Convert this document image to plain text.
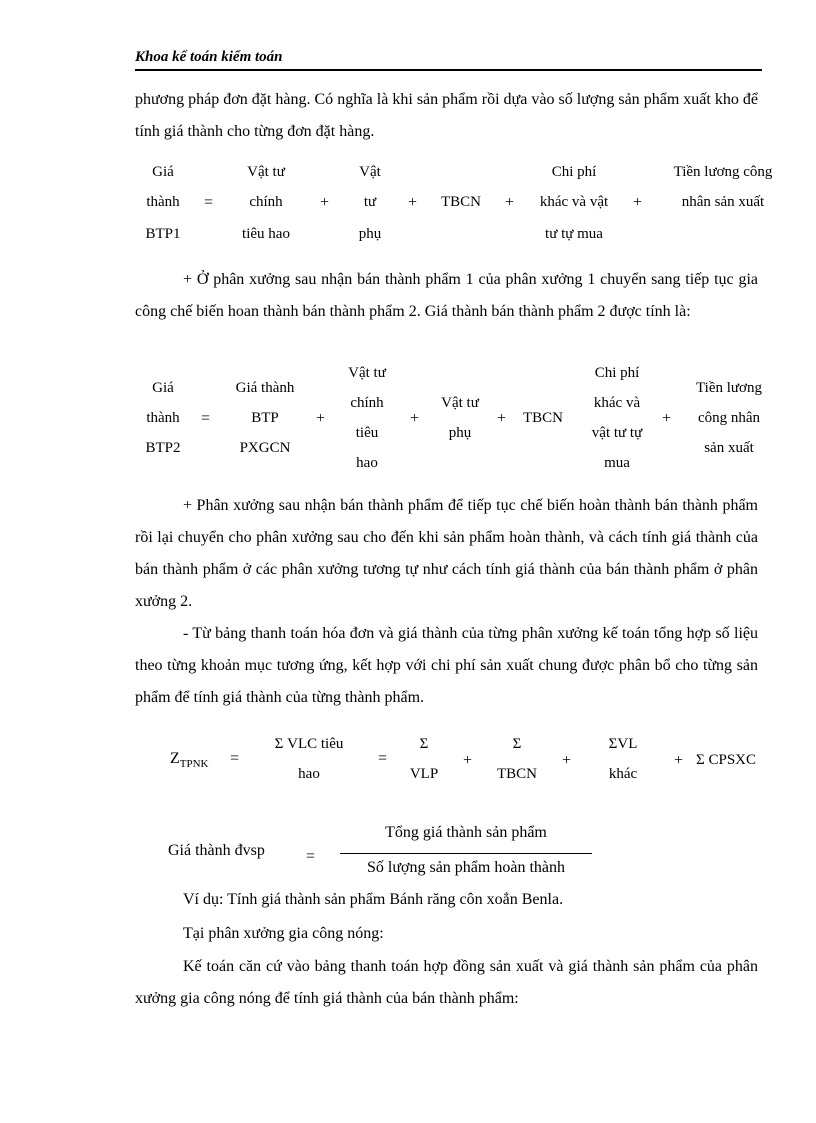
Khoa kế toán kiểm toán

phương pháp đơn đặt hàng. Có nghĩa là khi sản phẩm rồi dựa vào số lượng sản phẩm xuất kho để tính giá thành cho từng đơn đặt hàng.

Giá
thành
BTP1
=
Vật tư
chính
tiêu hao
+
Vật
tư
phụ
+ TBCN +
Chi phí
khác và vật
tư tự mua
+
Tiền lương công
nhân sản xuất

+ Ở phân xưởng sau nhận bán thành phẩm 1 của phân xưởng 1 chuyển sang tiếp tục gia công chế biến hoan thành bán thành phẩm 2. Giá thành bán thành phẩm 2 được tính là:

Giá
thành
BTP2
=
Giá thành
BTP
PXGCN
+
Vật tư
chính
tiêu
hao
+
Vật tư
phụ
+ TBCN
Chi phí
khác và
vật tư tự
mua
+
Tiền lương
công nhân
sản xuất

+ Phân xưởng sau nhận bán thành phẩm để tiếp tục chế biến hoàn thành bán thành phẩm rồi lại chuyển cho phân xưởng sau cho đến khi sản phẩm hoàn thành, và cách tính giá thành của bán thành phẩm ở các phân xưởng tương tự như cách tính giá thành của bán thành phẩm ở phân xưởng 2.

- Từ bảng thanh toán hóa đơn và giá thành của từng phân xưởng kế toán tổng hợp số liệu theo từng khoản mục tương ứng, kết hợp với chi phí sản xuất chung được phân bổ cho từng sản phẩm để tính giá thành của từng thành phẩm.

$Z_{TPNK}$ =
Σ VLC tiêu
hao
=
Σ
VLP
+
Σ
TBCN
+
ΣVL
khác
+ Σ CPSXC
Giá thành đvsp	=
Tổng giá thành sản phẩm
Số lượng sản phẩm hoàn thành

Ví dụ: Tính giá thành sản phẩm Bánh răng côn xoắn Benla.

Tại phân xưởng gia công nóng:

Kế toán căn cứ vào bảng thanh toán hợp đồng sản xuất và giá thành sản phẩm của phân xưởng gia công nóng để tính giá thành của bán thành phẩm:
